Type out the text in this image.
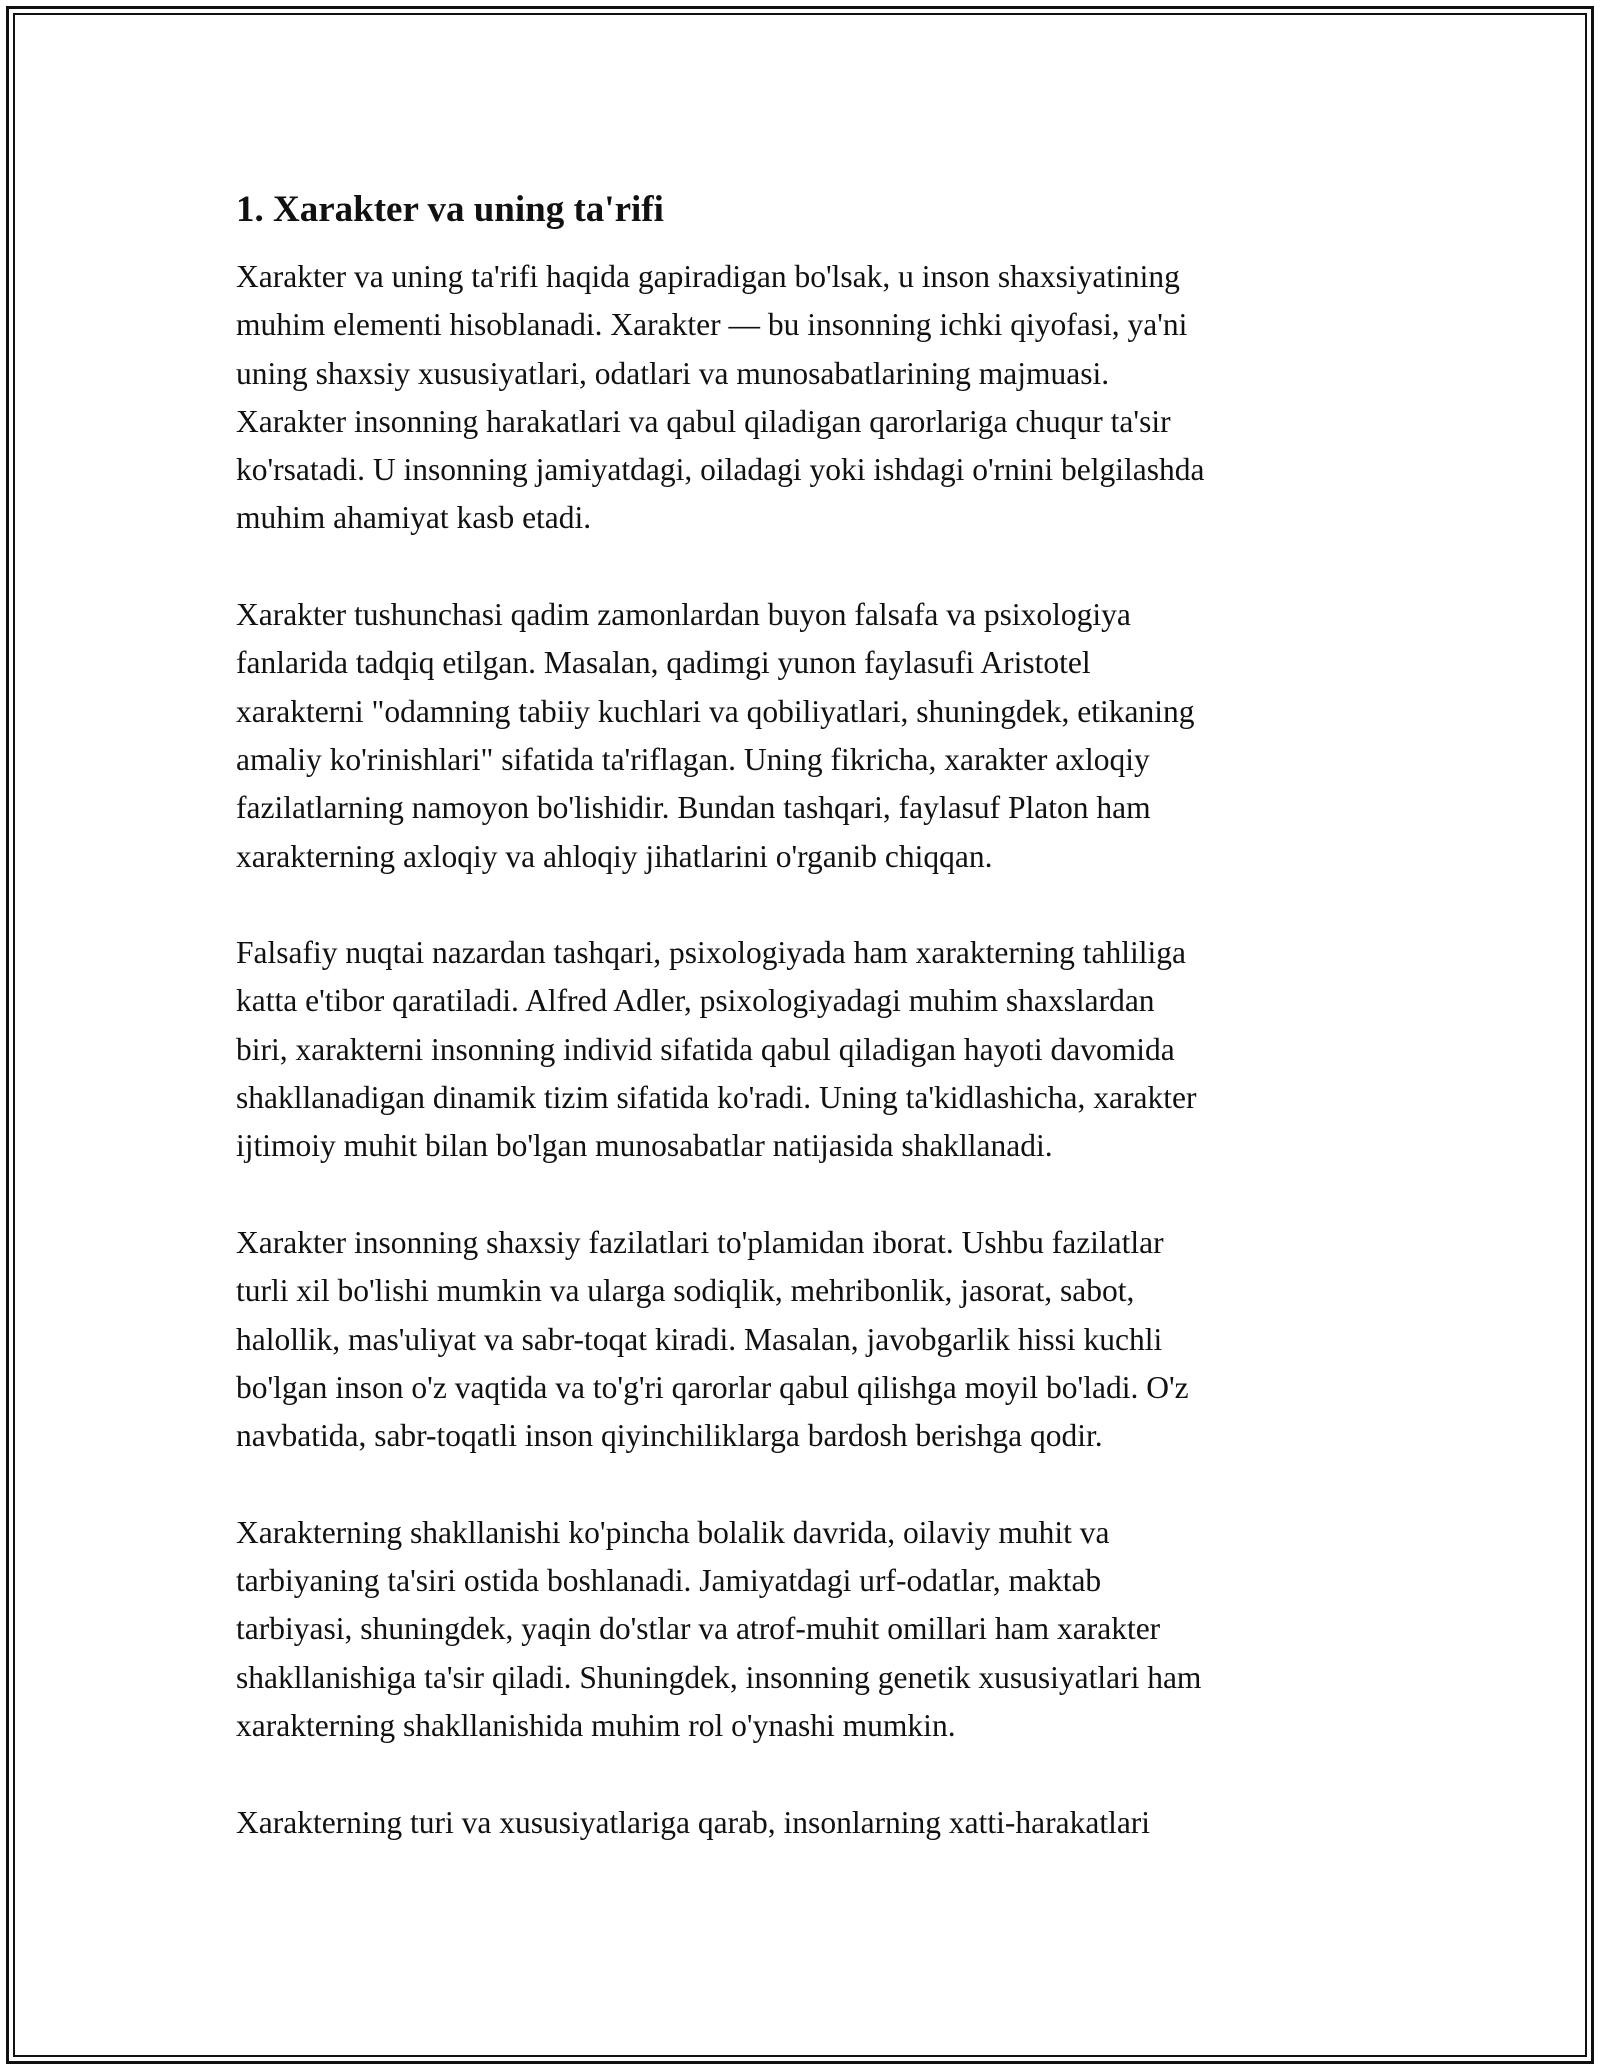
1. Xarakter va uning ta'rifi

Xarakter va uning ta'rifi haqida gapiradigan bo'lsak, u inson shaxsiyatining
muhim elementi hisoblanadi. Xarakter — bu insonning ichki qiyofasi, ya'ni
uning shaxsiy xususiyatlari, odatlari va munosabatlarining majmuasi.
Xarakter insonning harakatlari va qabul qiladigan qarorlariga chuqur ta'sir
ko'rsatadi. U insonning jamiyatdagi, oiladagi yoki ishdagi o'rnini belgilashda
muhim ahamiyat kasb etadi.

Xarakter tushunchasi qadim zamonlardan buyon falsafa va psixologiya
fanlarida tadqiq etilgan. Masalan, qadimgi yunon faylasufi Aristotel
xarakterni "odamning tabiiy kuchlari va qobiliyatlari, shuningdek, etikaning
amaliy ko'rinishlari" sifatida ta'riflagan. Uning fikricha, xarakter axloqiy
fazilatlarning namoyon bo'lishidir. Bundan tashqari, faylasuf Platon ham
xarakterning axloqiy va ahloqiy jihatlarini o'rganib chiqqan.

Falsafiy nuqtai nazardan tashqari, psixologiyada ham xarakterning tahliliga
katta e'tibor qaratiladi. Alfred Adler, psixologiyadagi muhim shaxslardan
biri, xarakterni insonning individ sifatida qabul qiladigan hayoti davomida
shakllanadigan dinamik tizim sifatida ko'radi. Uning ta'kidlashicha, xarakter
ijtimoiy muhit bilan bo'lgan munosabatlar natijasida shakllanadi.

Xarakter insonning shaxsiy fazilatlari to'plamidan iborat. Ushbu fazilatlar
turli xil bo'lishi mumkin va ularga sodiqlik, mehribonlik, jasorat, sabot,
halollik, mas'uliyat va sabr-toqat kiradi. Masalan, javobgarlik hissi kuchli
bo'lgan inson o'z vaqtida va to'g'ri qarorlar qabul qilishga moyil bo'ladi. O'z
navbatida, sabr-toqatli inson qiyinchiliklarga bardosh berishga qodir.

Xarakterning shakllanishi ko'pincha bolalik davrida, oilaviy muhit va
tarbiyaning ta'siri ostida boshlanadi. Jamiyatdagi urf-odatlar, maktab
tarbiyasi, shuningdek, yaqin do'stlar va atrof-muhit omillari ham xarakter
shakllanishiga ta'sir qiladi. Shuningdek, insonning genetik xususiyatlari ham
xarakterning shakllanishida muhim rol o'ynashi mumkin.

Xarakterning turi va xususiyatlariga qarab, insonlarning xatti-harakatlari
